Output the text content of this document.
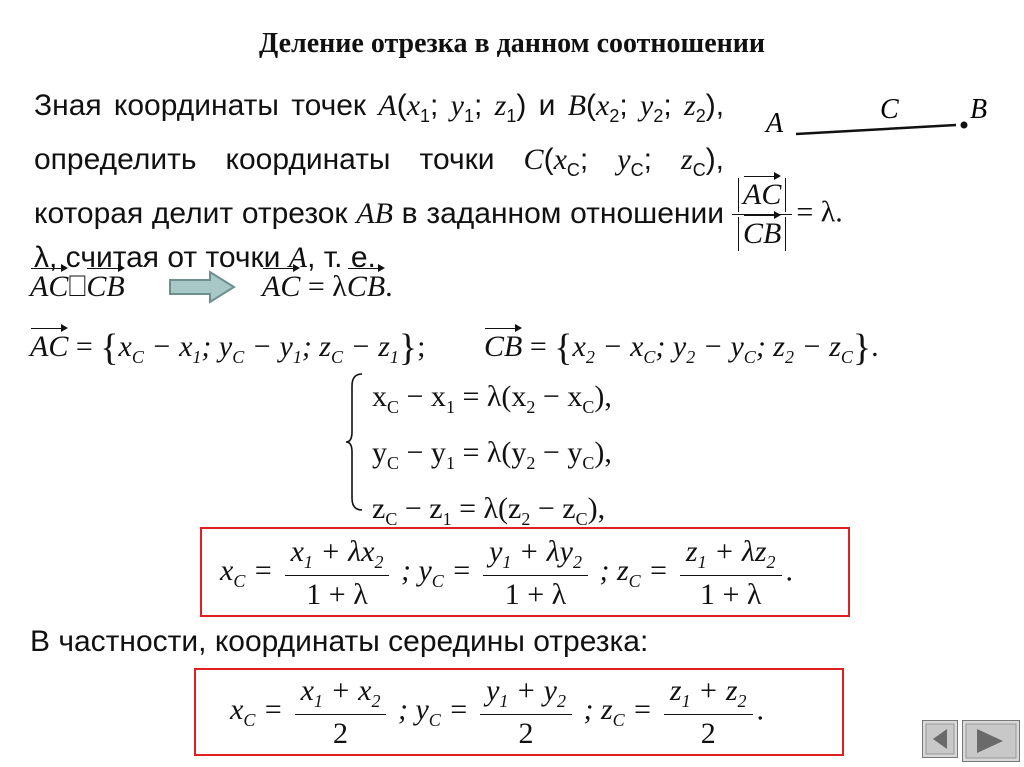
Деление отрезка в данном соотношении
Зная координаты точек $A(x_1$; $y_1$; $z_1$) и $B(x_2$; $y_2$; $z_2$), определить координаты точки $C(x_C$; $y_C$; $z_C$), которая делит отрезок AB в заданном отношении λ, считая от точки A, т. е.
A	C	B
$\frac{AC}{CB} = \lambda$.
AC⎕CB	AC = λCB.
AC = {$x_C - x_1$; $y_C - y_1$; $z_C - z_1$}; CB = {$x_2 - x_C$; $y_2 - y_C$; $z_2 - z_C$}.
$x_C - x_1 = \lambda(x_2 - x_C)$,
$y_C - y_1 = \lambda(y_2 - y_C)$,
$z_C - z_1 = \lambda(z_2 - z_C)$,
$x_C = \frac{x_1 + \lambda x_2}{1 + \lambda}$ ; $y_C = \frac{y_1 + \lambda y_2}{1 + \lambda}$ ; $z_C = \frac{z_1 + \lambda z_2}{1 + \lambda}$ .
В частности, координаты середины отрезка:
$x_C = \frac{x_1 + x_2}{2}$ ; $y_C = \frac{y_1 + y_2}{2}$ ; $z_C = \frac{z_1 + z_2}{2}$ .
